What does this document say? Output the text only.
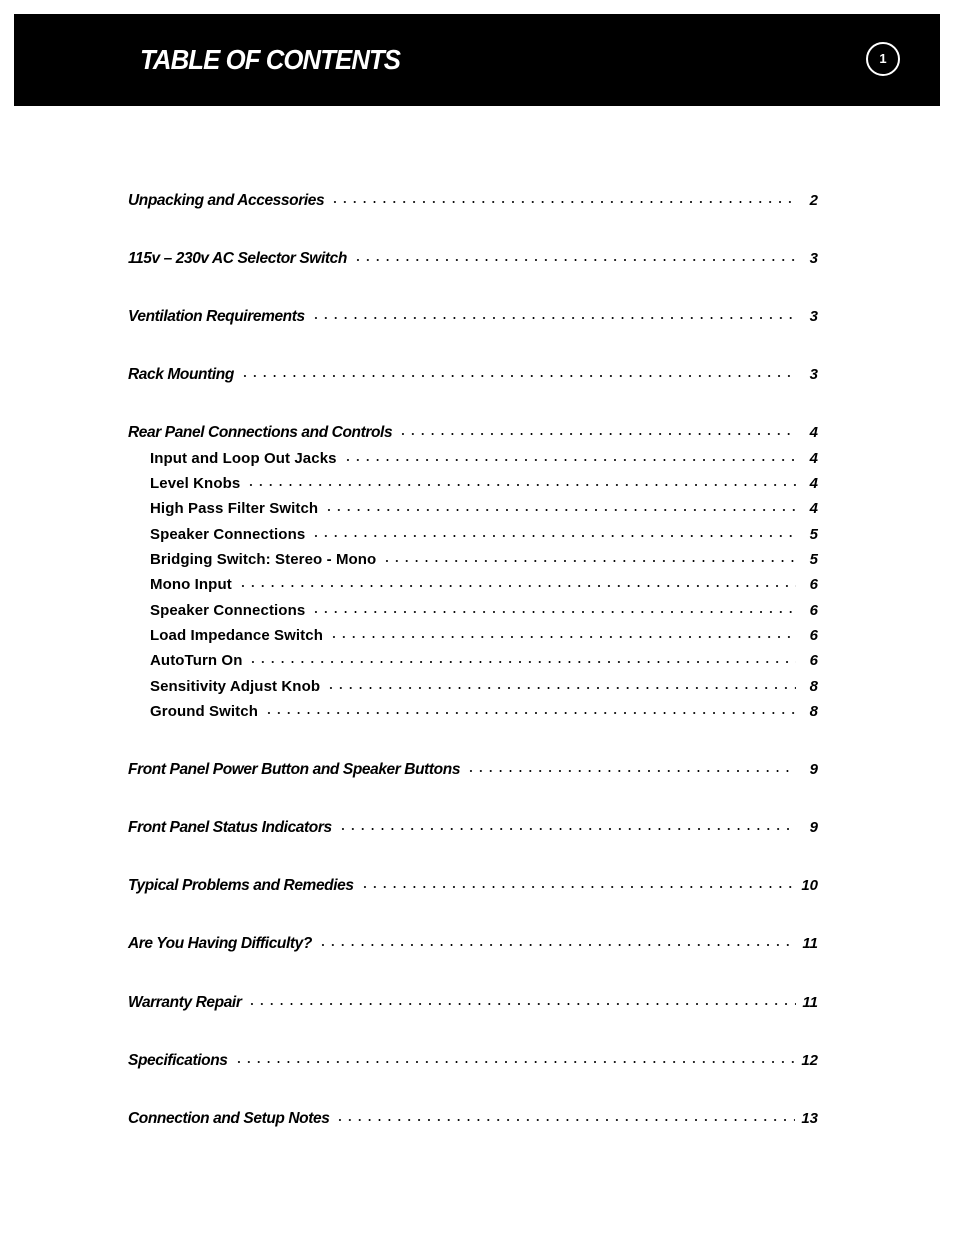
TABLE OF CONTENTS	1
Unpacking and Accessories	2
115v – 230v AC Selector Switch	3
Ventilation Requirements	3
Rack Mounting	3
Rear Panel Connections and Controls	4
Input and Loop Out Jacks	4
Level Knobs	4
High Pass Filter Switch	4
Speaker Connections	5
Bridging Switch: Stereo - Mono	5
Mono Input	6
Speaker Connections	6
Load Impedance Switch	6
AutoTurn On	6
Sensitivity Adjust Knob	8
Ground Switch	8
Front Panel Power Button and Speaker Buttons	9
Front Panel Status Indicators	9
Typical Problems and Remedies	10
Are You Having Difficulty?	11
Warranty Repair	11
Specifications	12
Connection and Setup Notes	13
